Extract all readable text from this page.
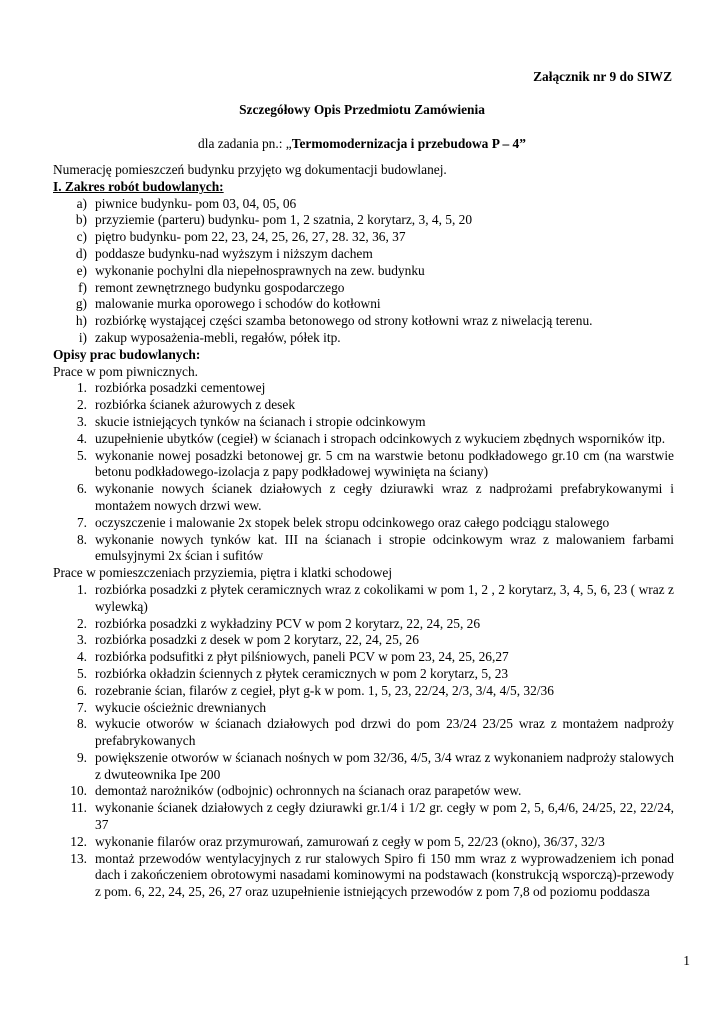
Załącznik nr 9 do SIWZ
Szczegółowy Opis Przedmiotu Zamówienia
dla zadania pn.: „Termomodernizacja i przebudowa P – 4”

Numerację pomieszczeń budynku przyjęto wg dokumentacji budowlanej.

I. Zakres robót budowlanych:

a) piwnice budynku- pom 03, 04, 05, 06
b) przyziemie (parteru) budynku- pom 1, 2 szatnia, 2 korytarz, 3, 4, 5, 20
c) piętro budynku- pom 22, 23, 24, 25, 26, 27, 28. 32, 36, 37
d) poddasze budynku-nad wyższym i niższym dachem
e) wykonanie pochylni dla niepełnosprawnych na zew. budynku
f) remont zewnętrznego budynku gospodarczego
g) malowanie murka oporowego i schodów do kotłowni
h) rozbiórkę wystającej części szamba betonowego od strony kotłowni wraz z niwelacją terenu.
i) zakup wyposażenia-mebli, regałów, półek itp.

Opisy prac budowlanych:

Prace w pom piwnicznych.

1. rozbiórka posadzki cementowej
2. rozbiórka ścianek ażurowych z desek
3. skucie istniejących tynków na ścianach i stropie odcinkowym
4. uzupełnienie ubytków (cegieł) w ścianach i stropach odcinkowych z wykuciem zbędnych wsporników itp.
5. wykonanie nowej posadzki betonowej gr. 5 cm na warstwie betonu podkładowego gr.10 cm (na warstwie betonu podkładowego-izolacja z papy podkładowej wywinięta na ściany)
6. wykonanie nowych ścianek działowych z cegły dziurawki wraz z nadprożami prefabrykowanymi i montażem nowych drzwi wew.
7. oczyszczenie i malowanie 2x stopek belek stropu odcinkowego oraz całego podciągu stalowego
8. wykonanie nowych tynków kat. III na ścianach i stropie odcinkowym wraz z malowaniem farbami emulsyjnymi 2x ścian i sufitów

Prace w pomieszczeniach przyziemia, piętra i klatki schodowej

1. rozbiórka posadzki z płytek ceramicznych wraz z cokolikami w pom 1, 2 , 2 korytarz, 3, 4, 5, 6, 23 ( wraz z wylewką)
2. rozbiórka posadzki z wykładziny PCV w pom 2 korytarz, 22, 24, 25, 26
3. rozbiórka posadzki z desek w pom 2 korytarz, 22, 24, 25, 26
4. rozbiórka podsufitki z płyt pilśniowych, paneli PCV w pom 23, 24, 25, 26,27
5. rozbiórka okładzin ściennych z płytek ceramicznych w pom 2 korytarz, 5, 23
6. rozebranie ścian, filarów z cegieł, płyt g-k w pom. 1, 5, 23, 22/24, 2/3, 3/4, 4/5, 32/36
7. wykucie ościeżnic drewnianych
8. wykucie otworów w ścianach działowych pod drzwi do pom 23/24 23/25 wraz z montażem nadproży prefabrykowanych
9. powiększenie otworów w ścianach nośnych w pom 32/36, 4/5, 3/4 wraz z wykonaniem nadproży stalowych z dwuteownika Ipe 200
10. demontaż narożników (odbojnic) ochronnych na ścianach oraz parapetów wew.
11. wykonanie ścianek działowych z cegły dziurawki gr.1/4 i 1/2 gr. cegły w pom 2, 5, 6,4/6, 24/25, 22, 22/24, 37
12. wykonanie filarów oraz przymurowań, zamurowań z cegły w pom 5, 22/23 (okno), 36/37, 32/3
13. montaż przewodów wentylacyjnych z rur stalowych Spiro fi 150 mm wraz z wyprowadzeniem ich ponad dach i zakończeniem obrotowymi nasadami kominowymi na podstawach (konstrukcją wsporczą)-przewody z pom. 6, 22, 24, 25, 26, 27 oraz uzupełnienie istniejących przewodów z pom 7,8 od poziomu poddasza
1
